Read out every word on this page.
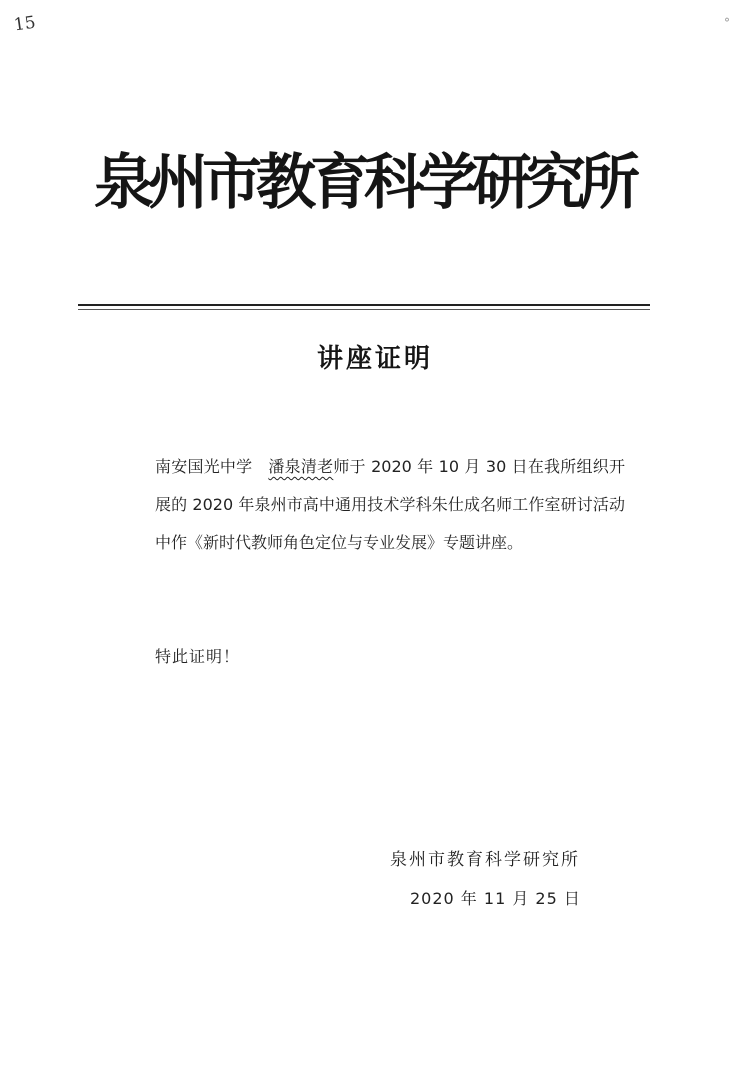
15	°
泉州市教育科学研究所
讲座证明

南安国光中学 潘泉清老师于 2020 年 10 月 30 日在我所组织开展的 2020 年泉州市高中通用技术学科朱仕成名师工作室研讨活动中作《新时代教师角色定位与专业发展》专题讲座。

特此证明！
泉州市教育科学研究所
2020 年 11 月 25 日
